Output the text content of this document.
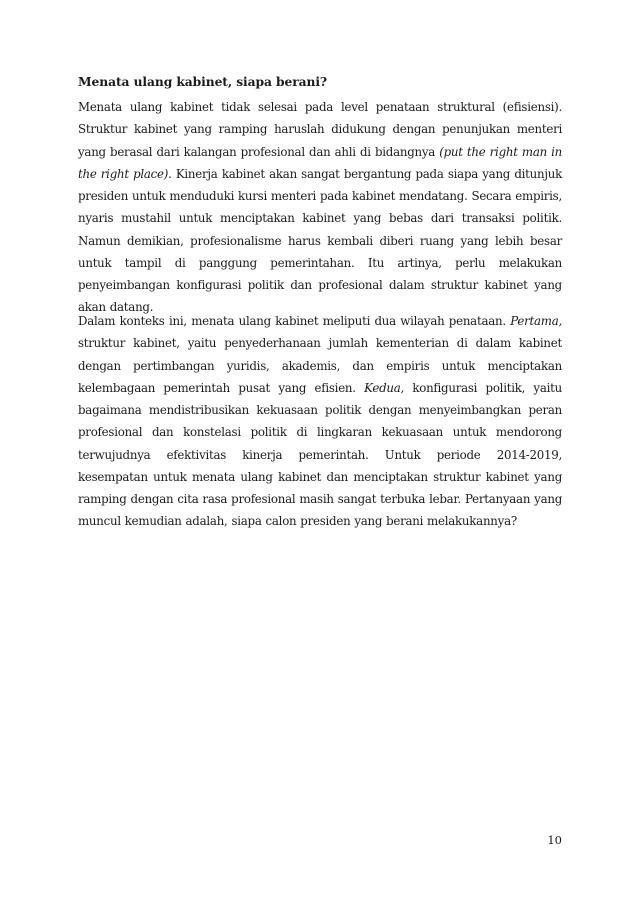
Menata ulang kabinet, siapa berani?

Menata ulang kabinet tidak selesai pada level penataan struktural (efisiensi). Struktur kabinet yang ramping haruslah didukung dengan penunjukan menteri yang berasal dari kalangan profesional dan ahli di bidangnya (put the right man in the right place). Kinerja kabinet akan sangat bergantung pada siapa yang ditunjuk presiden untuk menduduki kursi menteri pada kabinet mendatang. Secara empiris, nyaris mustahil untuk menciptakan kabinet yang bebas dari transaksi politik. Namun demikian, profesionalisme harus kembali diberi ruang yang lebih besar untuk tampil di panggung pemerintahan. Itu artinya, perlu melakukan penyeimbangan konfigurasi politik dan profesional dalam struktur kabinet yang akan datang.

Dalam konteks ini, menata ulang kabinet meliputi dua wilayah penataan. Pertama, struktur kabinet, yaitu penyederhanaan jumlah kementerian di dalam kabinet dengan pertimbangan yuridis, akademis, dan empiris untuk menciptakan kelembagaan pemerintah pusat yang efisien. Kedua, konfigurasi politik, yaitu bagaimana mendistribusikan kekuasaan politik dengan menyeimbangkan peran profesional dan konstelasi politik di lingkaran kekuasaan untuk mendorong terwujudnya efektivitas kinerja pemerintah. Untuk periode 2014-2019, kesempatan untuk menata ulang kabinet dan menciptakan struktur kabinet yang ramping dengan cita rasa profesional masih sangat terbuka lebar. Pertanyaan yang muncul kemudian adalah, siapa calon presiden yang berani melakukannya?

10
